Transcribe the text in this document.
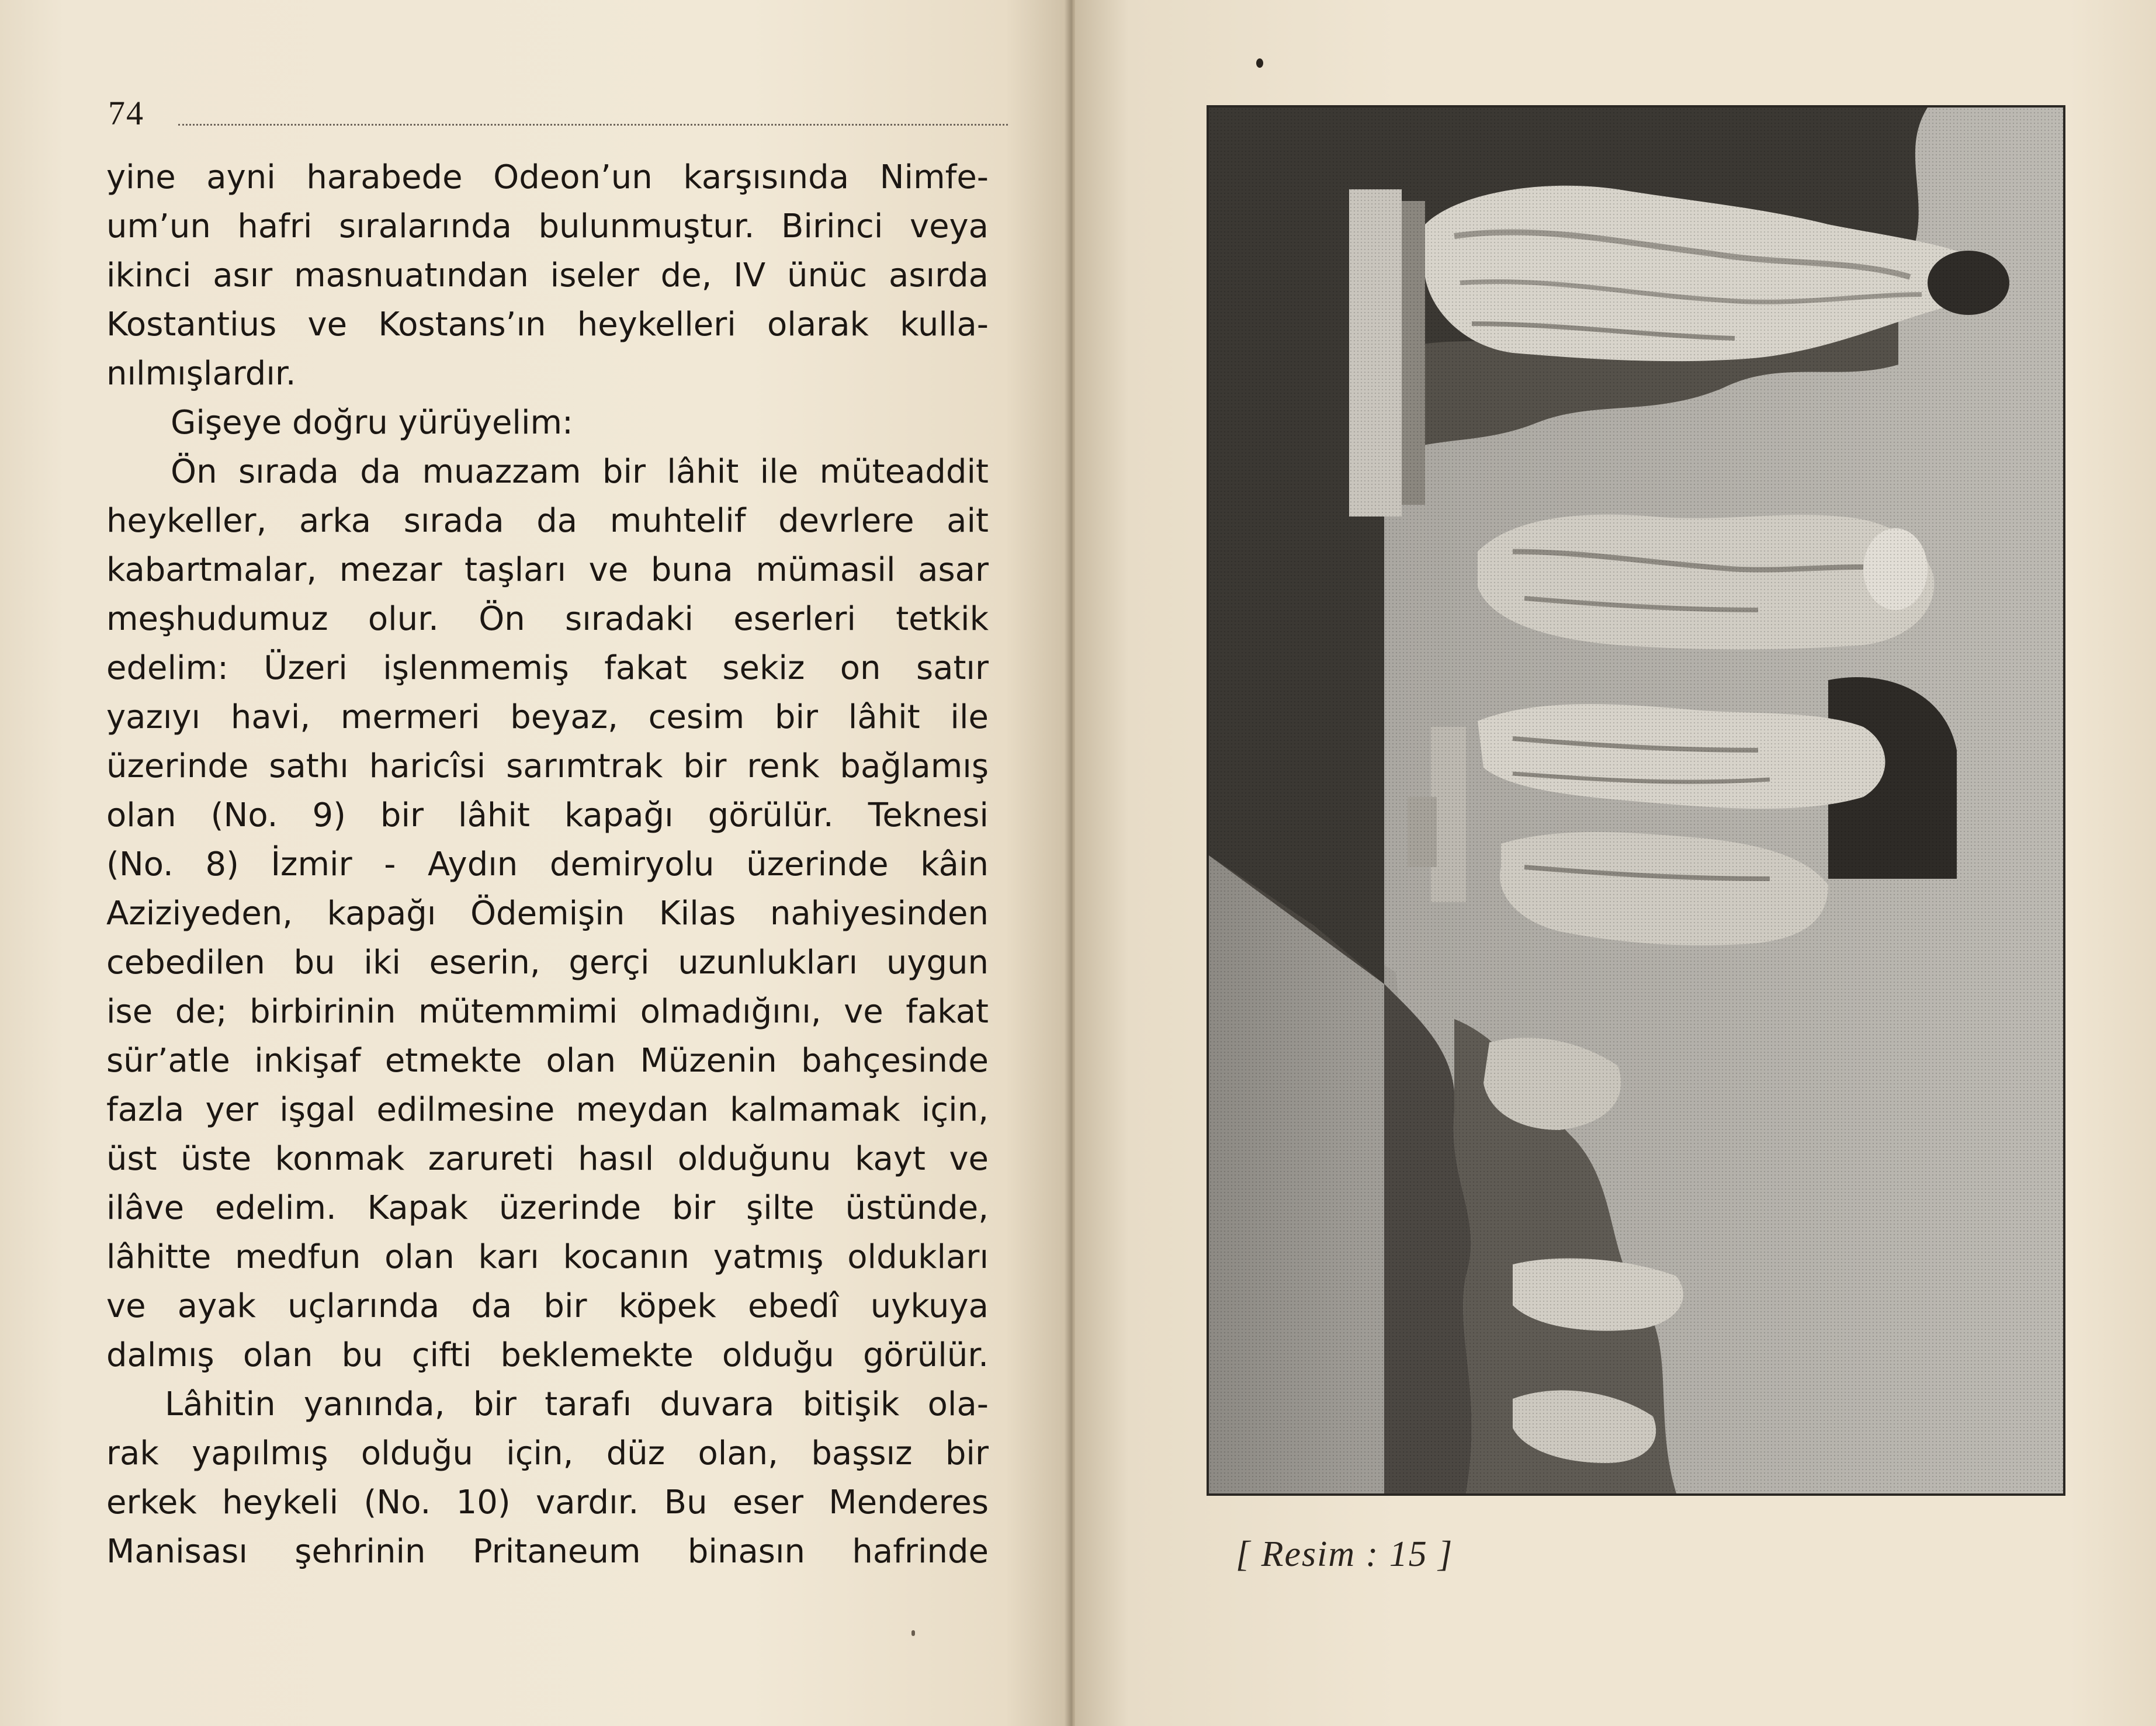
74
yine ayni harabede Odeon’un karşısında Nimfe-
um’un hafri sıralarında bulunmuştur. Birinci veya
ikinci asır masnuatından iseler de, IV ünüc asırda
Kostantius ve Kostans’ın heykelleri olarak kulla-
nılmışlardır.
Gişeye doğru yürüyelim:
Ön sırada da muazzam bir lâhit ile müteaddit
heykeller, arka sırada da muhtelif devrlere ait
kabartmalar, mezar taşları ve buna mümasil asar
meşhudumuz olur. Ön sıradaki eserleri tetkik
edelim: Üzeri işlenmemiş fakat sekiz on satır
yazıyı havi, mermeri beyaz, cesim bir lâhit ile
üzerinde sathı haricîsi sarımtrak bir renk bağlamış
olan (No. 9) bir lâhit kapağı görülür. Teknesi
(No. 8) İzmir - Aydın demiryolu üzerinde kâin
Aziziyeden, kapağı Ödemişin Kilas nahiyesinden
cebedilen bu iki eserin, gerçi uzunlukları uygun
ise de; birbirinin mütemmimi olmadığını, ve fakat
sür’atle inkişaf etmekte olan Müzenin bahçesinde
fazla yer işgal edilmesine meydan kalmamak için,
üst üste konmak zarureti hasıl olduğunu kayt ve
ilâve edelim. Kapak üzerinde bir şilte üstünde,
lâhitte medfun olan karı kocanın yatmış oldukları
ve ayak uçlarında da bir köpek ebedî uykuya
dalmış olan bu çifti beklemekte olduğu görülür.
Lâhitin yanında, bir tarafı duvara bitişik ola-
rak yapılmış olduğu için, düz olan, başsız bir
erkek heykeli (No. 10) vardır. Bu eser Menderes
Manisası şehrinin Pritaneum binasın hafrinde	[ Resim : 15 ]
